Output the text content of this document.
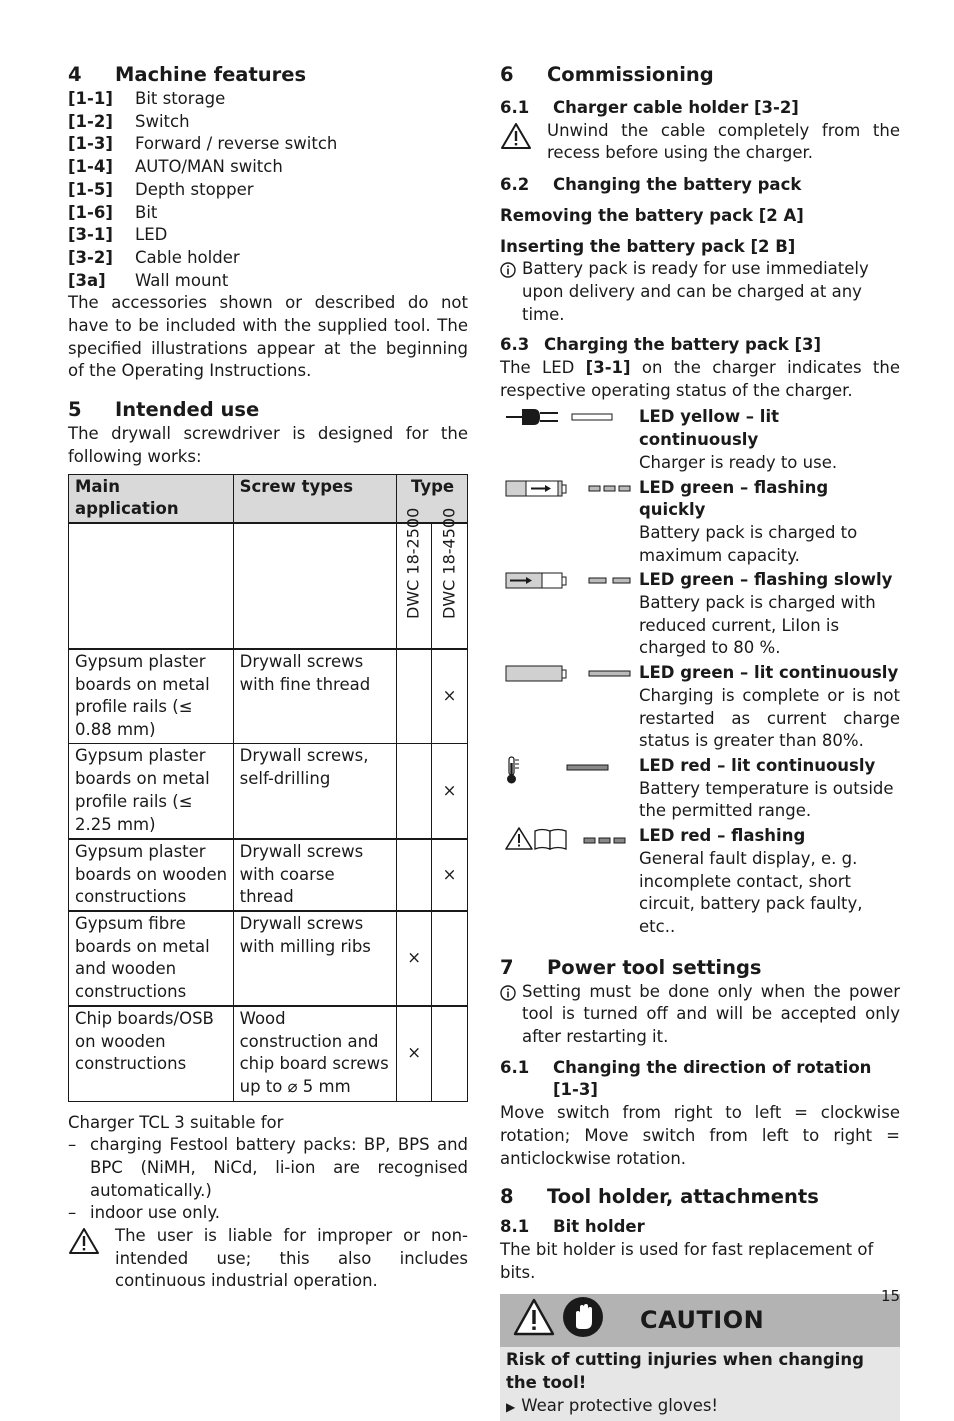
4	Machine features
[1-1]	Bit storage
[1-2]	Switch
[1-3]	Forward / reverse switch
[1-4]	AUTO/MAN switch
[1-5]	Depth stopper
[1-6]	Bit
[3-1]	LED
[3-2]	Cable holder
[3a]	Wall mount

The accessories shown or described do not have to be included with the supplied tool. The specified illustrations appear at the beginning of the Operating Instructions.

5	Intended use

The drywall screwdriver is designed for the following works:

Main application	Screw types	Type	

		DWC 18-2500	DWC 18-4500

Gypsum plaster boards on metal profile rails (≤ 0.88 mm)	Drywall screws with fine thread		×
Gypsum plaster boards on metal profile rails (≤ 2.25 mm)	Drywall screws, self-drilling		×
Gypsum plaster boards on wooden constructions	Drywall screws with coarse thread		×
Gypsum fibre boards on metal and wooden constructions	Drywall screws with milling ribs	×	
Chip boards/OSB on wooden constructions	Wood construction and chip board screws up to ⌀ 5 mm	×	

Charger TCL 3 suitable for

– charging Festool battery packs: BP, BPS and BPC (NiMH, NiCd, li-ion are recognised automatically.)
– indoor use only.
The user is liable for improper or non-intended use; this also includes continuous industrial operation.
6	Commissioning
6.1	Charger cable holder [3-2]
Unwind the cable completely from the recess before using the charger.
6.2	Changing the battery pack

Removing the battery pack [2 A]

Inserting the battery pack [2 B]

Battery pack is ready for use immediately upon delivery and can be charged at any time.
6.3 Charging the battery pack [3]

The LED [3-1] on the charger indicates the respective operating status of the charger.

LED yellow – lit continuously

Charger is ready to use.

LED green – flashing quickly

Battery pack is charged to maximum capacity.

LED green – flashing slowly

Battery pack is charged with reduced current, LiIon is charged to 80 %.

LED green – lit continuously

Charging is complete or is not restarted as current charge status is greater than 80%.

LED red – lit continuously

Battery temperature is outside the permitted range.

LED red – flashing

General fault display, e. g. incomplete contact, short circuit, battery pack faulty, etc..

7	Power tool settings
Setting must be done only when the power tool is turned off and will be accepted only after restarting it.
6.1	Changing the direction of rotation [1-3]

Move switch from right to left = clockwise rotation; Move switch from left to right = anticlockwise rotation.

8	Tool holder, attachments
8.1	Bit holder

The bit holder is used for fast replacement of bits.

CAUTION

Risk of cutting injuries when changing the tool!

▶ Wear protective gloves!

15
